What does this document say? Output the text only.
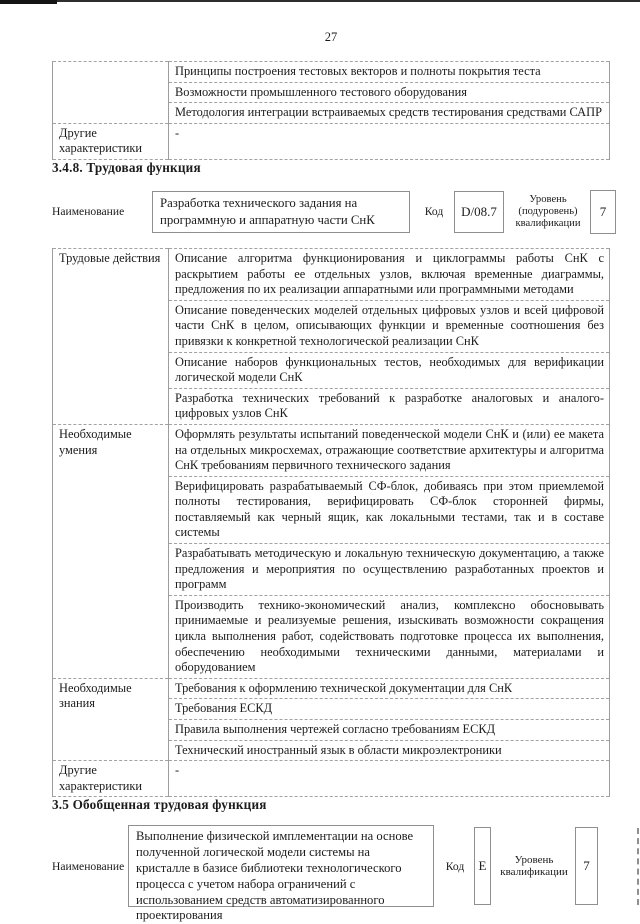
27
	Принципы построения тестовых векторов и полноты покрытия теста
	Возможности промышленного тестового оборудования
	Методология интеграции встраиваемых средств тестирования средствами САПР
Другие характеристики	-
3.4.8. Трудовая функция
Наименование
Разработка технического задания на программную и аппаратную части СнК
Код	D/08.7
Уровень (подуровень) квалификации
7
Трудовые действия	Описание алгоритма функционирования и циклограммы работы СнК с раскрытием работы ее отдельных узлов, включая временные диаграммы, предложения по их реализации аппаратными или программными методами
	Описание поведенческих моделей отдельных цифровых узлов и всей цифровой части СнК в целом, описывающих функции и временные соотношения без привязки к конкретной технологической реализации СнК
	Описание наборов функциональных тестов, необходимых для верификации логической модели СнК
	Разработка технических требований к разработке аналоговых и аналого-цифровых узлов СнК
Необходимые умения	Оформлять результаты испытаний поведенческой модели СнК и (или) ее макета на отдельных микросхемах, отражающие соответствие архитектуры и алгоритма СнК требованиям первичного технического задания
	Верифицировать разрабатываемый СФ-блок, добиваясь при этом приемлемой полноты тестирования, верифицировать СФ-блок сторонней фирмы, поставляемый как черный ящик, как локальными тестами, так и в составе системы
	Разрабатывать методическую и локальную техническую документацию, а также предложения и мероприятия по осуществлению разработанных проектов и программ
	Производить технико-экономический анализ, комплексно обосновывать принимаемые и реализуемые решения, изыскивать возможности сокращения цикла выполнения работ, содействовать подготовке процесса их выполнения, обеспечению необходимыми техническими данными, материалами и оборудованием
Необходимые знания	Требования к оформлению технической документации для СнК
	Требования ЕСКД
	Правила выполнения чертежей согласно требованиям ЕСКД
	Технический иностранный язык в области микроэлектроники
Другие характеристики	-
3.5 Обобщенная трудовая функция
Наименование
Выполнение физической имплементации на основе полученной логической модели системы на кристалле в базисе библиотеки технологического процесса с учетом набора ограничений с использованием средств автоматизированного проектирования
Код	E	Уровень квалификации	7
